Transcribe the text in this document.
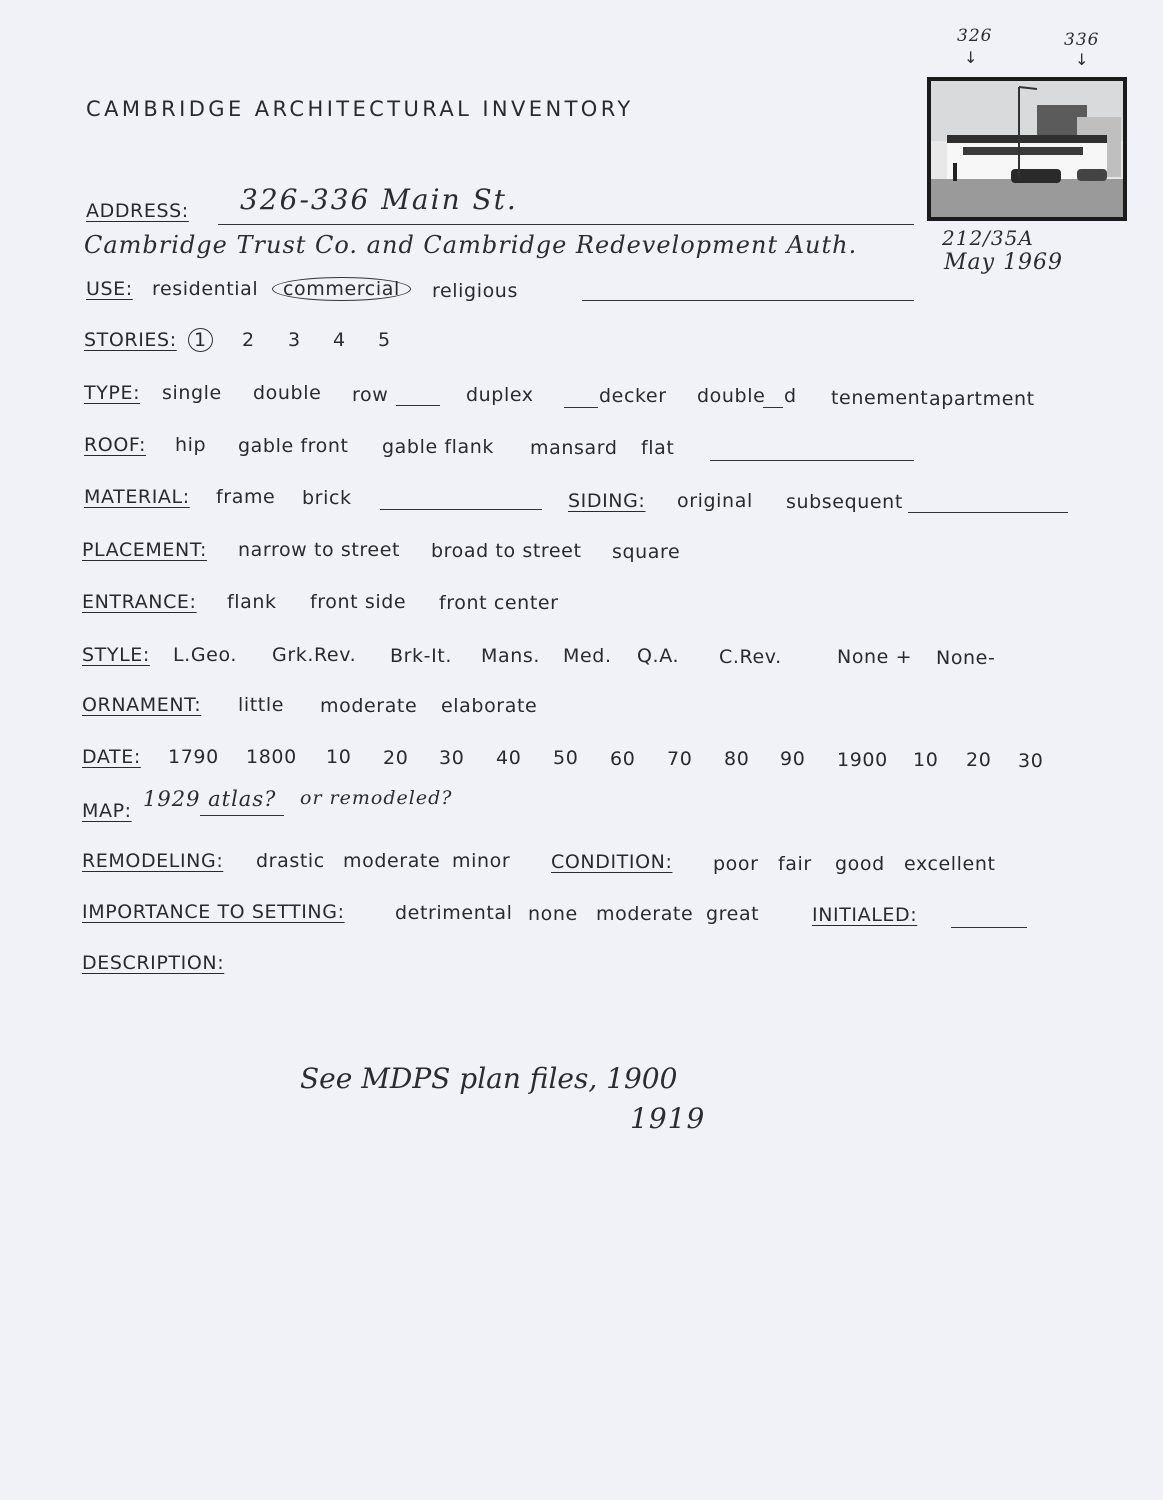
CAMBRIDGE ARCHITECTURAL INVENTORY
326
↓
336
↓
212/35A
May 1969
ADDRESS: 326-336 Main St.
Cambridge Trust Co. and Cambridge Redevelopment Auth.
USE: residential	commercial	religious
STORIES: 1	2 3 4 5
TYPE: single double row	duplex	decker double d tenement apartment
ROOF: hip gable front gable flank mansard flat
MATERIAL: frame brick	SIDING: original subsequent
PLACEMENT: narrow to street broad to street square
ENTRANCE: flank front side front center
STYLE: L.Geo. Grk.Rev. Brk-It. Mans. Med. Q.A. C.Rev.	None + None-
ORNAMENT: little moderate elaborate
DATE: 1790 1800 10 20 30 40 50 60 70 80 90 1900 10 20 30
MAP: 1929 atlas? or remodeled?
REMODELING: drastic moderate minor CONDITION: poor fair good excellent
IMPORTANCE TO SETTING:	detrimental none moderate great	INITIALED:
DESCRIPTION:
See MDPS plan files, 1900
1919
